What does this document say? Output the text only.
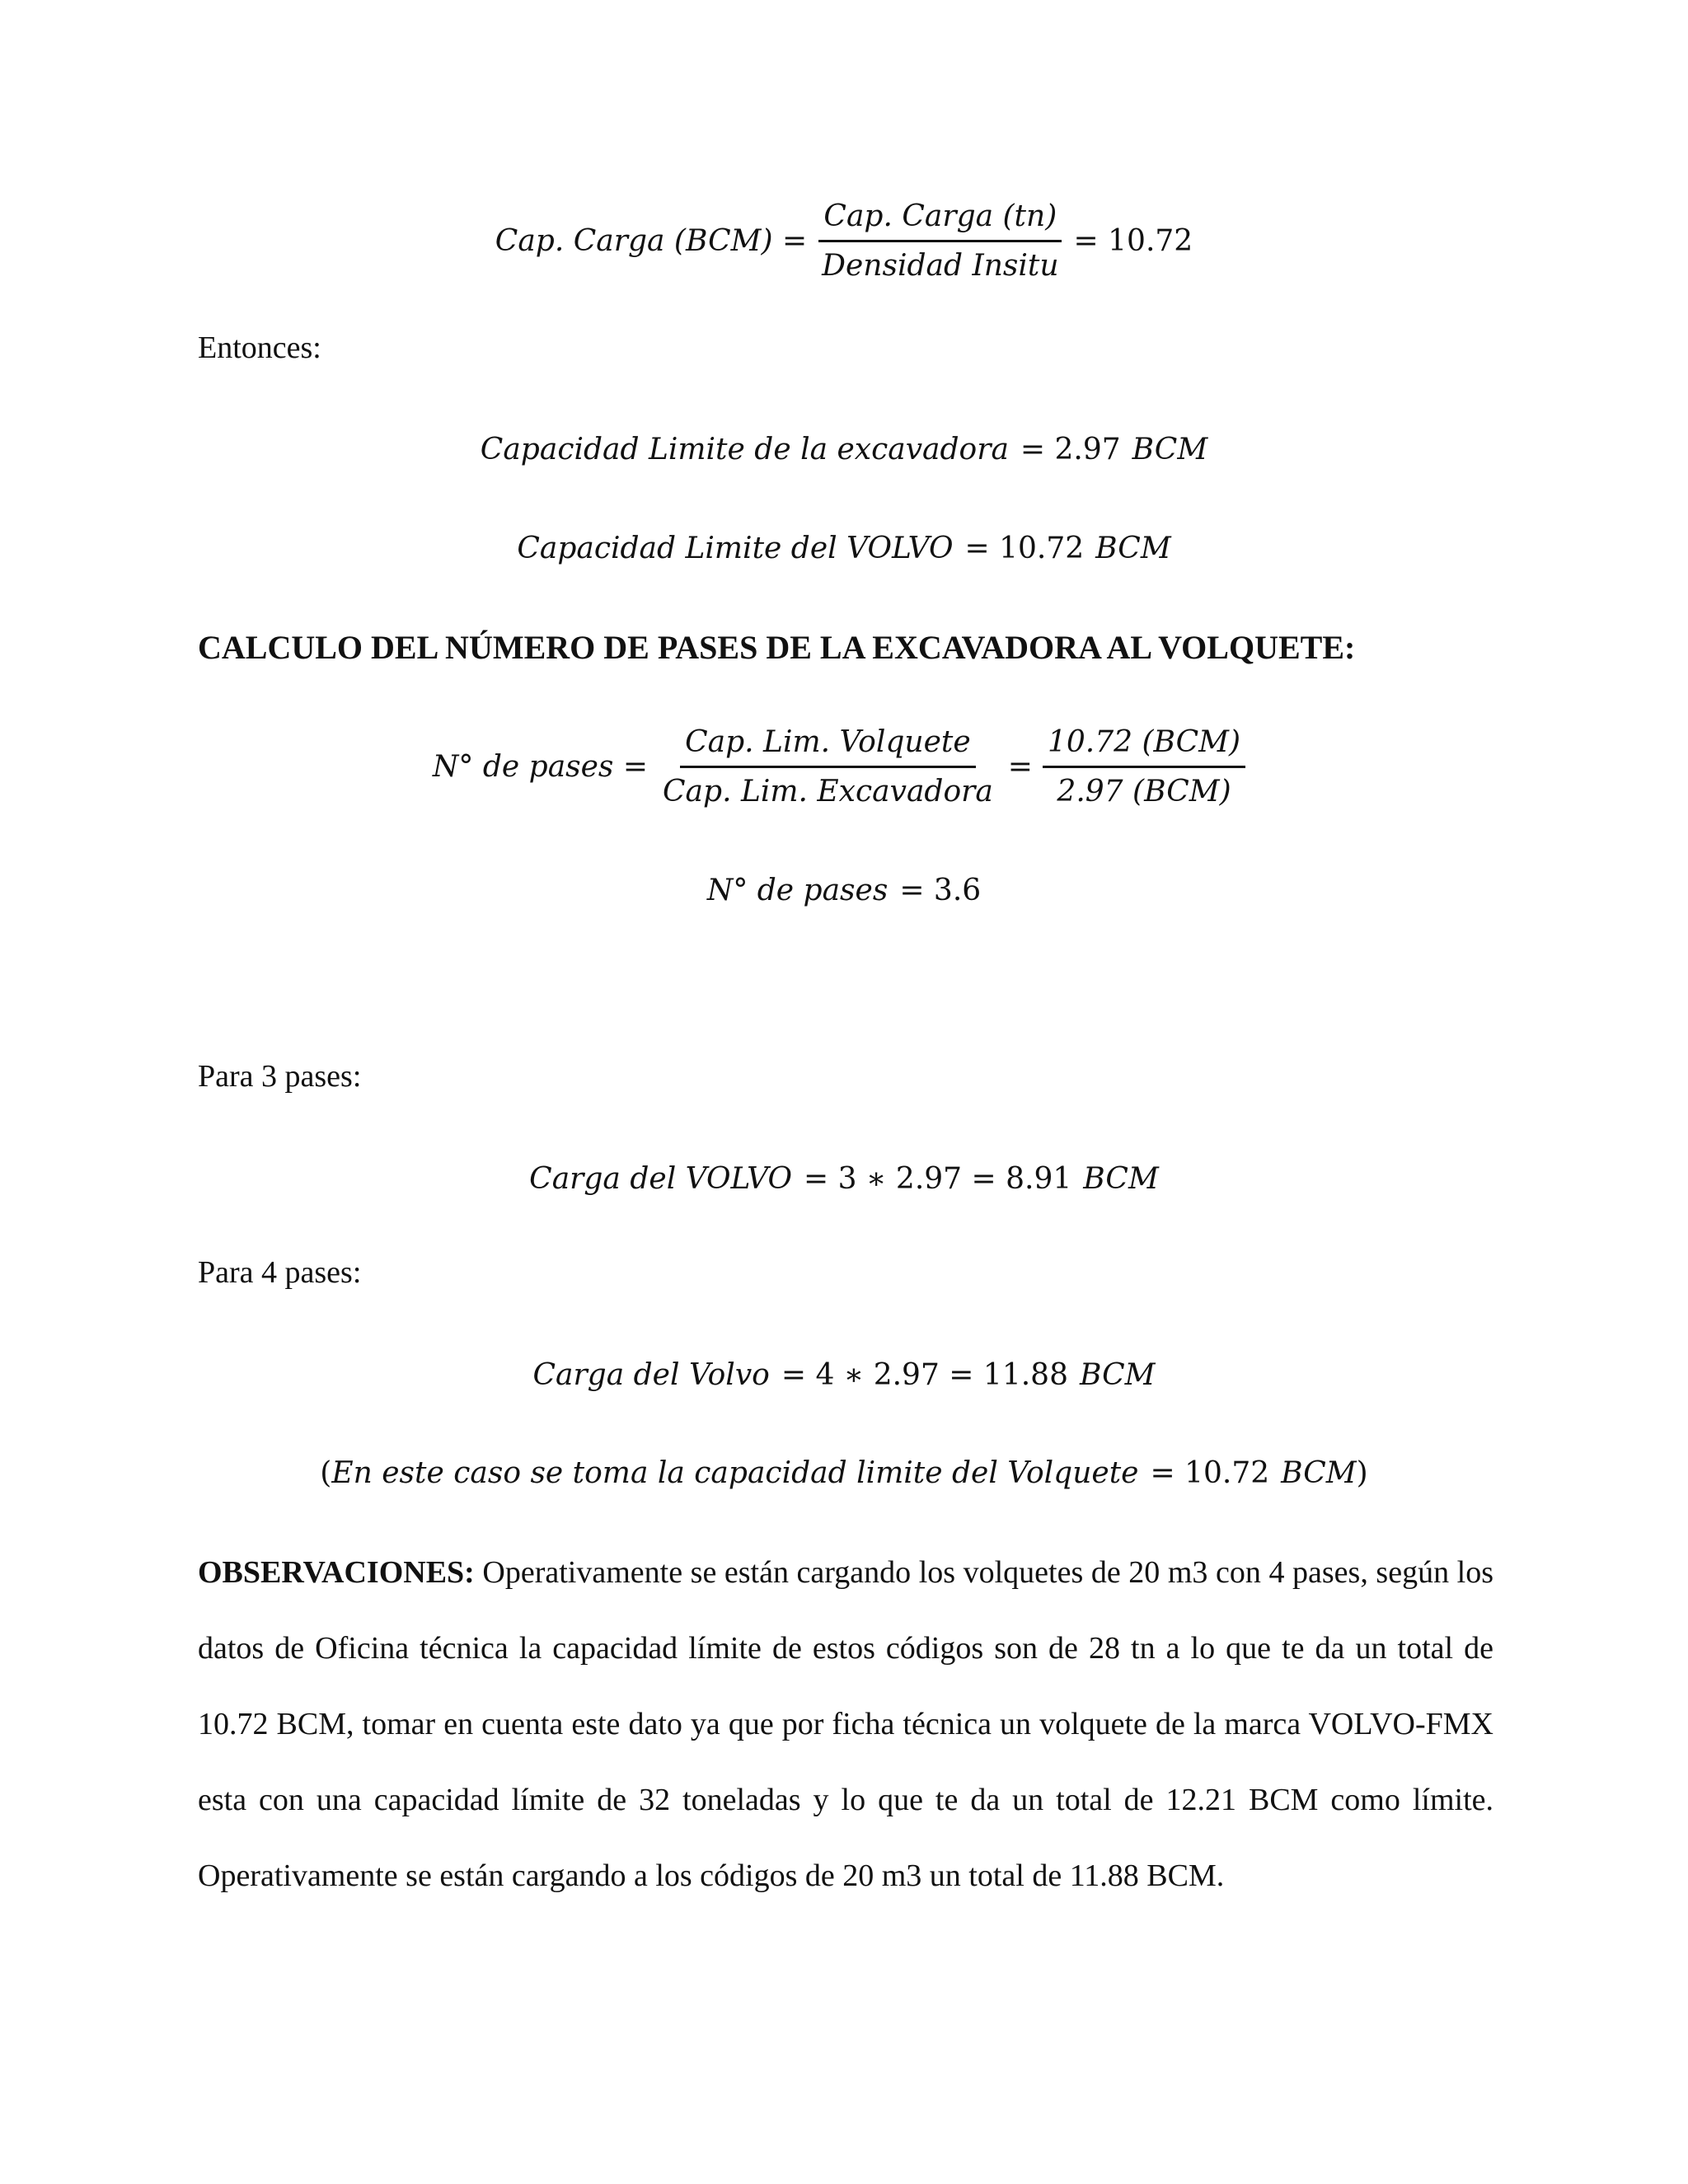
Cap. Carga $(BCM) = \frac{\text{Cap. Carga (tn)}}{\text{Densidad Insitu}} = 10.72$
Entonces:
Capacidad Limite de la excavadora = 2.97 BCM
Capacidad Limite del VOLVO = 10.72 BCM
CALCULO DEL NÚMERO DE PASES DE LA EXCAVADORA AL VOLQUETE:
N° de pases = $\frac{\text{Cap. Lim. Volquete}}{\text{Cap. Lim. Excavadora}} = \frac{\text{10.72 (BCM)}}{\text{2.97 (BCM)}}$
N° de pases = 3.6
Para 3 pases:
Carga del VOLVO = 3 ∗ 2.97 = 8.91 BCM
Para 4 pases:
Carga del Volvo = 4 ∗ 2.97 = 11.88 BCM
( En este caso se toma la capacidad limite del Volquete = 10.72 BCM )
OBSERVACIONES: Operativamente se están cargando los volquetes de 20 m3 con 4 pases, según los datos de Oficina técnica la capacidad límite de estos códigos son de 28 tn a lo que te da un total de 10.72 BCM, tomar en cuenta este dato ya que por ficha técnica un volquete de la marca VOLVO-FMX esta con una capacidad límite de 32 toneladas y lo que te da un total de 12.21 BCM como límite. Operativamente se están cargando a los códigos de 20 m3 un total de 11.88 BCM.
